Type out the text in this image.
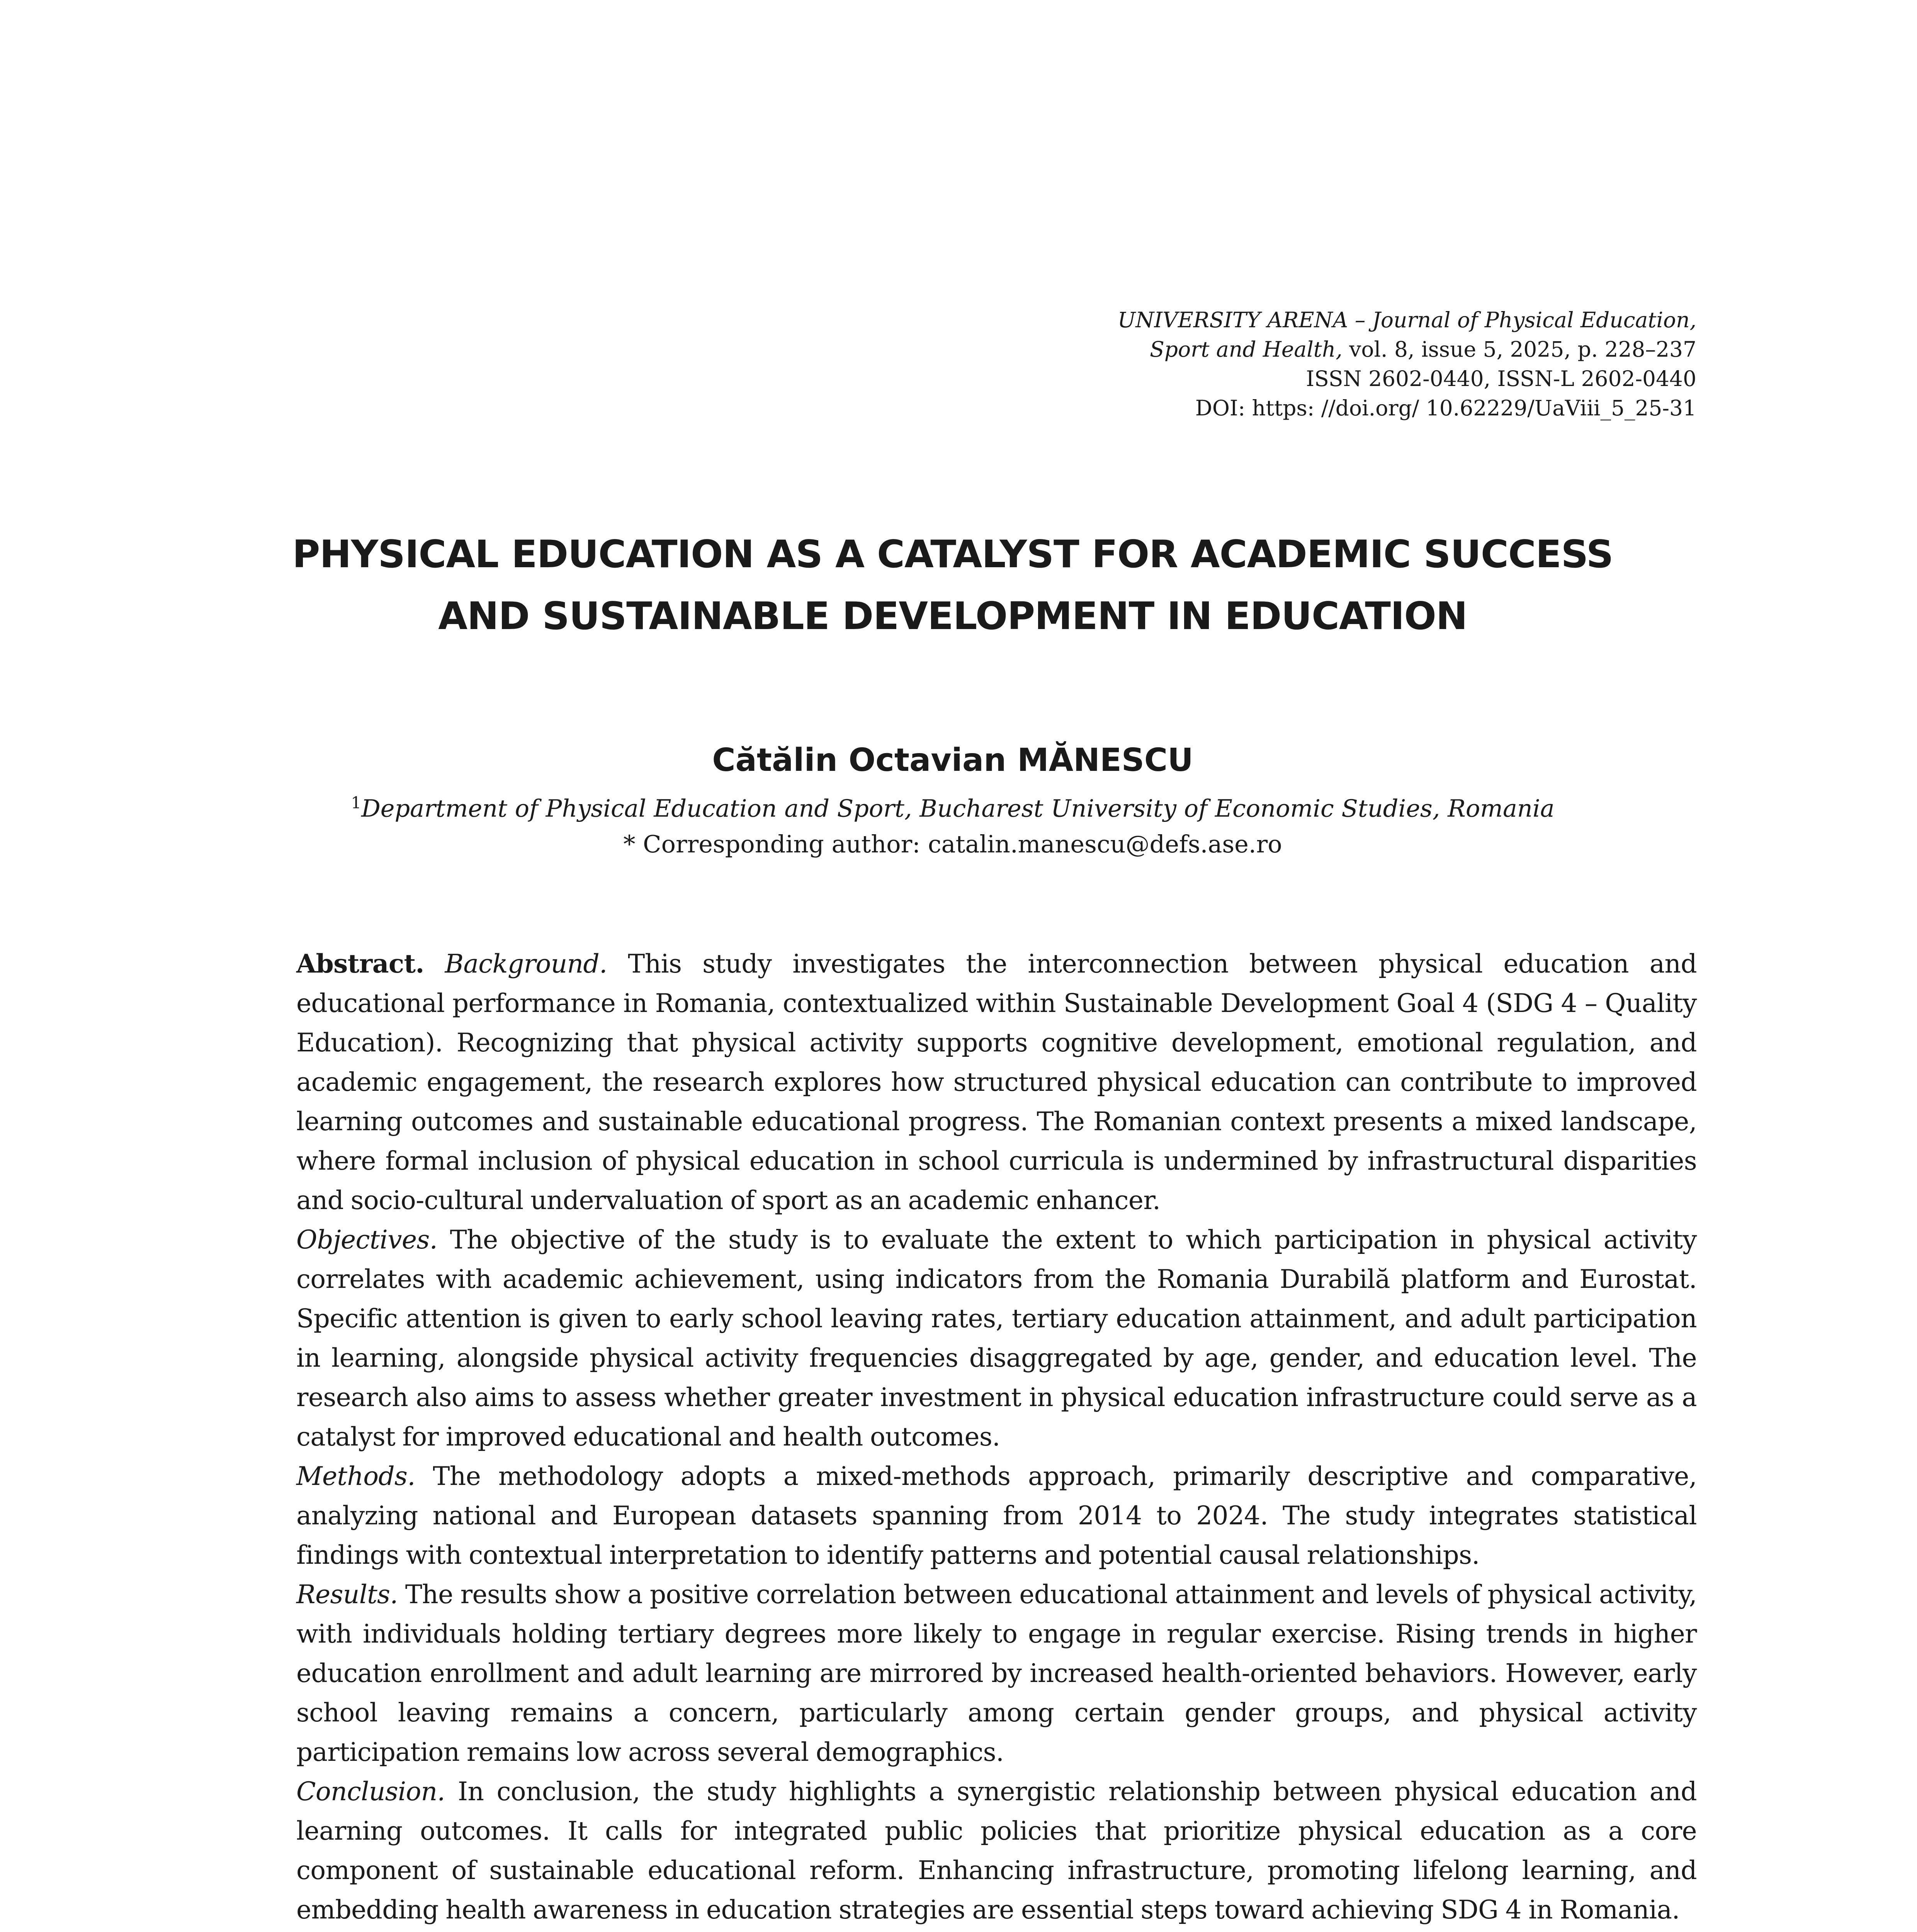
UNIVERSITY ARENA – Journal of Physical Education,
Sport and Health, vol. 8, issue 5, 2025, p. 228–237
ISSN 2602-0440, ISSN-L 2602-0440
DOI: https: //doi.org/ 10.62229/UaViii_5_25-31
PHYSICAL EDUCATION AS A CATALYST FOR ACADEMIC SUCCESS
AND SUSTAINABLE DEVELOPMENT IN EDUCATION
Cătălin Octavian MĂNESCU
$^1$Department of Physical Education and Sport, Bucharest University of Economic Studies, Romania
* Corresponding author: catalin.manescu@defs.ase.ro

Abstract. Background. This study investigates the interconnection between physical education and educational performance in Romania, contextualized within Sustainable Development Goal 4 (SDG 4 – Quality Education). Recognizing that physical activity supports cognitive development, emotional regulation, and academic engagement, the research explores how structured physical education can contribute to improved learning outcomes and sustainable educational progress. The Romanian context presents a mixed landscape, where formal inclusion of physical education in school curricula is undermined by infrastructural disparities and socio-cultural undervaluation of sport as an academic enhancer.

Objectives. The objective of the study is to evaluate the extent to which participation in physical activity correlates with academic achievement, using indicators from the Romania Durabilă platform and Eurostat. Specific attention is given to early school leaving rates, tertiary education attainment, and adult participation in learning, alongside physical activity frequencies disaggregated by age, gender, and education level. The research also aims to assess whether greater investment in physical education infrastructure could serve as a catalyst for improved educational and health outcomes.

Methods. The methodology adopts a mixed-methods approach, primarily descriptive and comparative, analyzing national and European datasets spanning from 2014 to 2024. The study integrates statistical findings with contextual interpretation to identify patterns and potential causal relationships.

Results. The results show a positive correlation between educational attainment and levels of physical activity, with individuals holding tertiary degrees more likely to engage in regular exercise. Rising trends in higher education enrollment and adult learning are mirrored by increased health-oriented behaviors. However, early school leaving remains a concern, particularly among certain gender groups, and physical activity participation remains low across several demographics.

Conclusion. In conclusion, the study highlights a synergistic relationship between physical education and learning outcomes. It calls for integrated public policies that prioritize physical education as a core component of sustainable educational reform. Enhancing infrastructure, promoting lifelong learning, and embedding health awareness in education strategies are essential steps toward achieving SDG 4 in Romania.
